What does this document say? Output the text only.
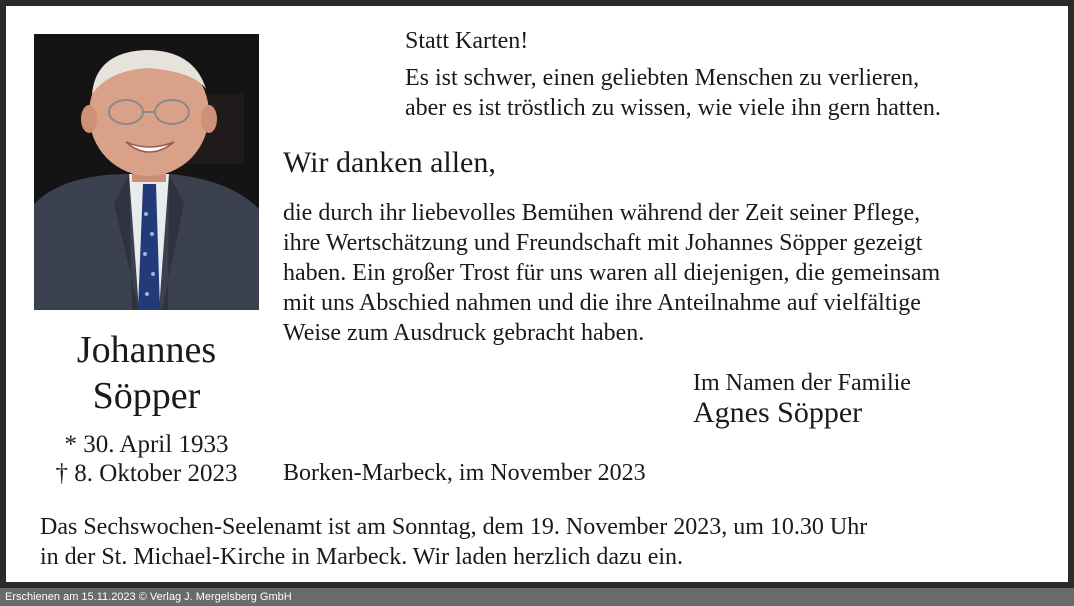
Johannes
Söpper
* 30. April 1933
† 8. Oktober 2023
Statt Karten!
Es ist schwer, einen geliebten Menschen zu verlieren,
aber es ist tröstlich zu wissen, wie viele ihn gern hatten.
Wir danken allen,
die durch ihr liebevolles Bemühen während der Zeit seiner Pflege,
ihre Wertschätzung und Freundschaft mit Johannes Söpper gezeigt
haben. Ein großer Trost für uns waren all diejenigen, die gemeinsam
mit uns Abschied nahmen und die ihre Anteilnahme auf vielfältige
Weise zum Ausdruck gebracht haben.
Im Namen der Familie
Agnes Söpper
Borken-Marbeck, im November 2023
Das Sechswochen-Seelenamt ist am Sonntag, dem 19. November 2023, um 10.30 Uhr
in der St. Michael-Kirche in Marbeck. Wir laden herzlich dazu ein.
Erschienen am 15.11.2023 © Verlag J. Mergelsberg GmbH
